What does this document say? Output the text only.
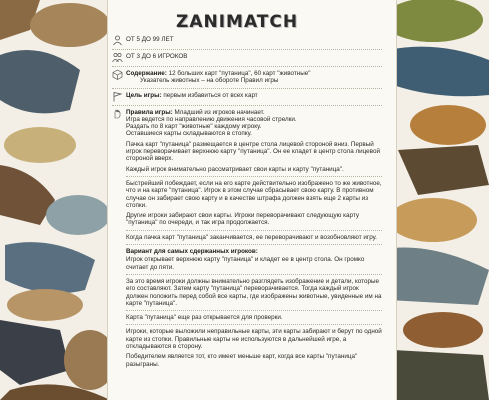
ZANIMATCH
ОТ 5 ДО 99 ЛЕТ
ОТ 3 ДО 6 ИГРОКОВ
Содержание: 12 больших карт "путаница", 60 карт "животные"
Указатель животных – на обороте Правил игры
Цель игры: первым избавиться от всех карт
Правила игры: Младший из игроков начинает.
Игра ведется по направлению движения часовой стрелки.
Раздать по 8 карт "животные" каждому игроку.
Оставшиеся карты складываются в стопку.

Пачка карт "путаница" размещается в центре стола лицевой стороной вниз. Первый игрок переворачивает верхнюю карту "путаница". Он ее кладет в центр стола лицевой стороной вверх.

Каждый игрок внимательно рассматривает свои карты и карту "путаница".

Быстрейший побеждает, если на его карте действительно изображено то же животное, что и на карте "путаница". Игрок в этом случае сбрасывает свою карту. В противном случае он забирает свою карту и в качестве штрафа должен взять еще 2 карты из стопки.

Другие игроки забирают свои карты. Игроки переворачивают следующую карту "путаница" по очереди, и так игра продолжается.

Когда пачка карт "путаница" заканчивается, ее переворачивают и возобновляют игру.

Вариант для самых сдержанных игроков:

Игрок открывает верхнюю карту "путаница" и кладет ее в центр стола. Он громко считает до пяти.

За это время игроки должны внимательно разглядеть изображение и детали, которые его составляют. Затем карту "путаница" переворачивается. Тогда каждый игрок должен положить перед собой все карты, где изображены животные, увиденные им на карте "путаница".

Карта "путаница" еще раз открывается для проверки.

Игроки, которые выложили неправильные карты, эти карты забирают и берут по одной карте из стопки. Правильные карты не используются в дальнейшей игре, а откладываются в сторону.

Победителем является тот, кто имеет меньше карт, когда все карты "путаница" разыграны.
